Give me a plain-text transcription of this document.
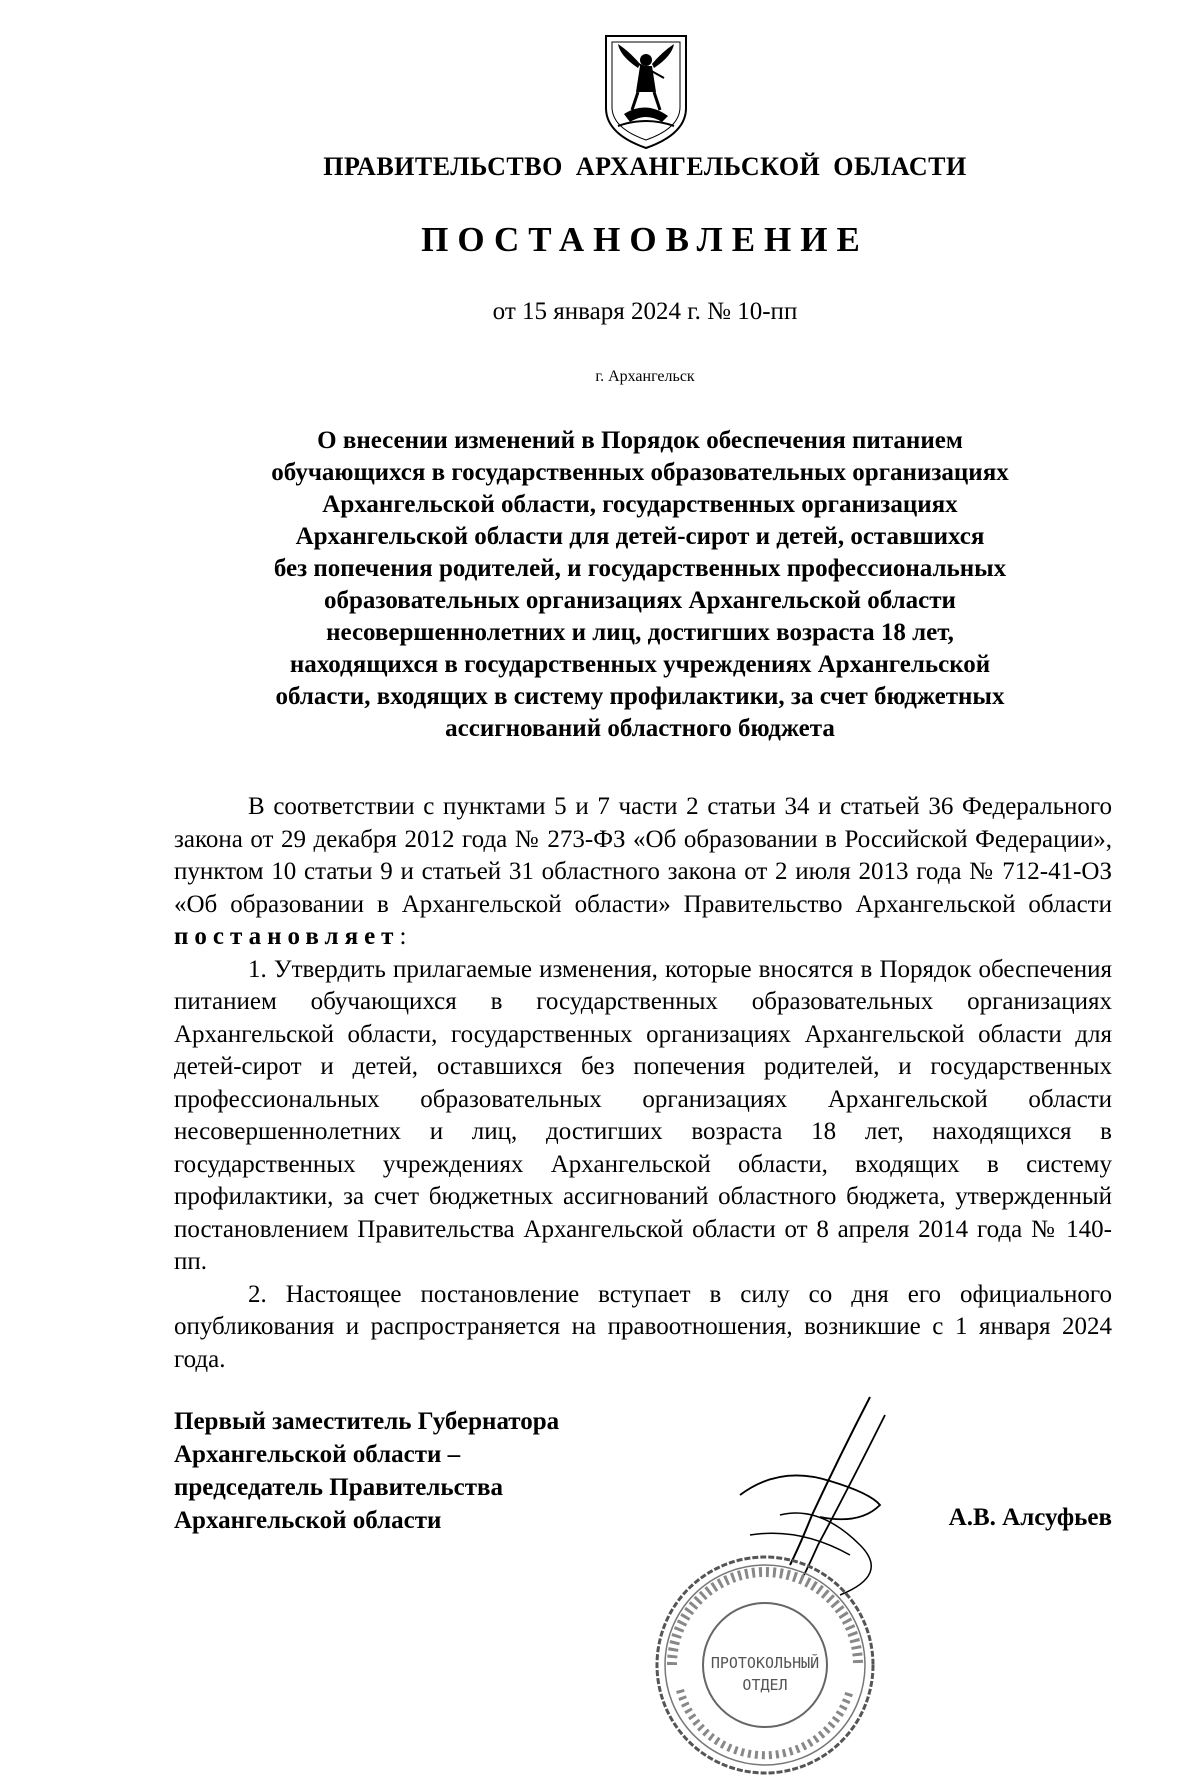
ПРАВИТЕЛЬСТВО АРХАНГЕЛЬСКОЙ ОБЛАСТИ
ПОСТАНОВЛЕНИЕ
от 15 января 2024 г. № 10-пп
г. Архангельск
О внесении изменений в Порядок обеспечения питанием
обучающихся в государственных образовательных организациях
Архангельской области, государственных организациях
Архангельской области для детей-сирот и детей, оставшихся
без попечения родителей, и государственных профессиональных
образовательных организациях Архангельской области
несовершеннолетних и лиц, достигших возраста 18 лет,
находящихся в государственных учреждениях Архангельской
области, входящих в систему профилактики, за счет бюджетных
ассигнований областного бюджета

В соответствии с пунктами 5 и 7 части 2 статьи 34 и статьей 36 Федерального закона от 29 декабря 2012 года № 273-ФЗ «Об образовании в Российской Федерации», пунктом 10 статьи 9 и статьей 31 областного закона от 2 июля 2013 года № 712-41-ОЗ «Об образовании в Архангельской области» Правительство Архангельской области постановляет:

1. Утвердить прилагаемые изменения, которые вносятся в Порядок обеспечения питанием обучающихся в государственных образовательных организациях Архангельской области, государственных организациях Архангельской области для детей-сирот и детей, оставшихся без попечения родителей, и государственных профессиональных образовательных организациях Архангельской области несовершеннолетних и лиц, достигших возраста 18 лет, находящихся в государственных учреждениях Архангельской области, входящих в систему профилактики, за счет бюджетных ассигнований областного бюджета, утвержденный постановлением Правительства Архангельской области от 8 апреля 2014 года № 140-пп.

2. Настоящее постановление вступает в силу со дня его официального опубликования и распространяется на правоотношения, возникшие с 1 января 2024 года.

Первый заместитель Губернатора
Архангельской области –
председатель Правительства
Архангельской области	А.В. Алсуфьев
ПРОТОКОЛЬНЫЙ
ОТДЕЛ
